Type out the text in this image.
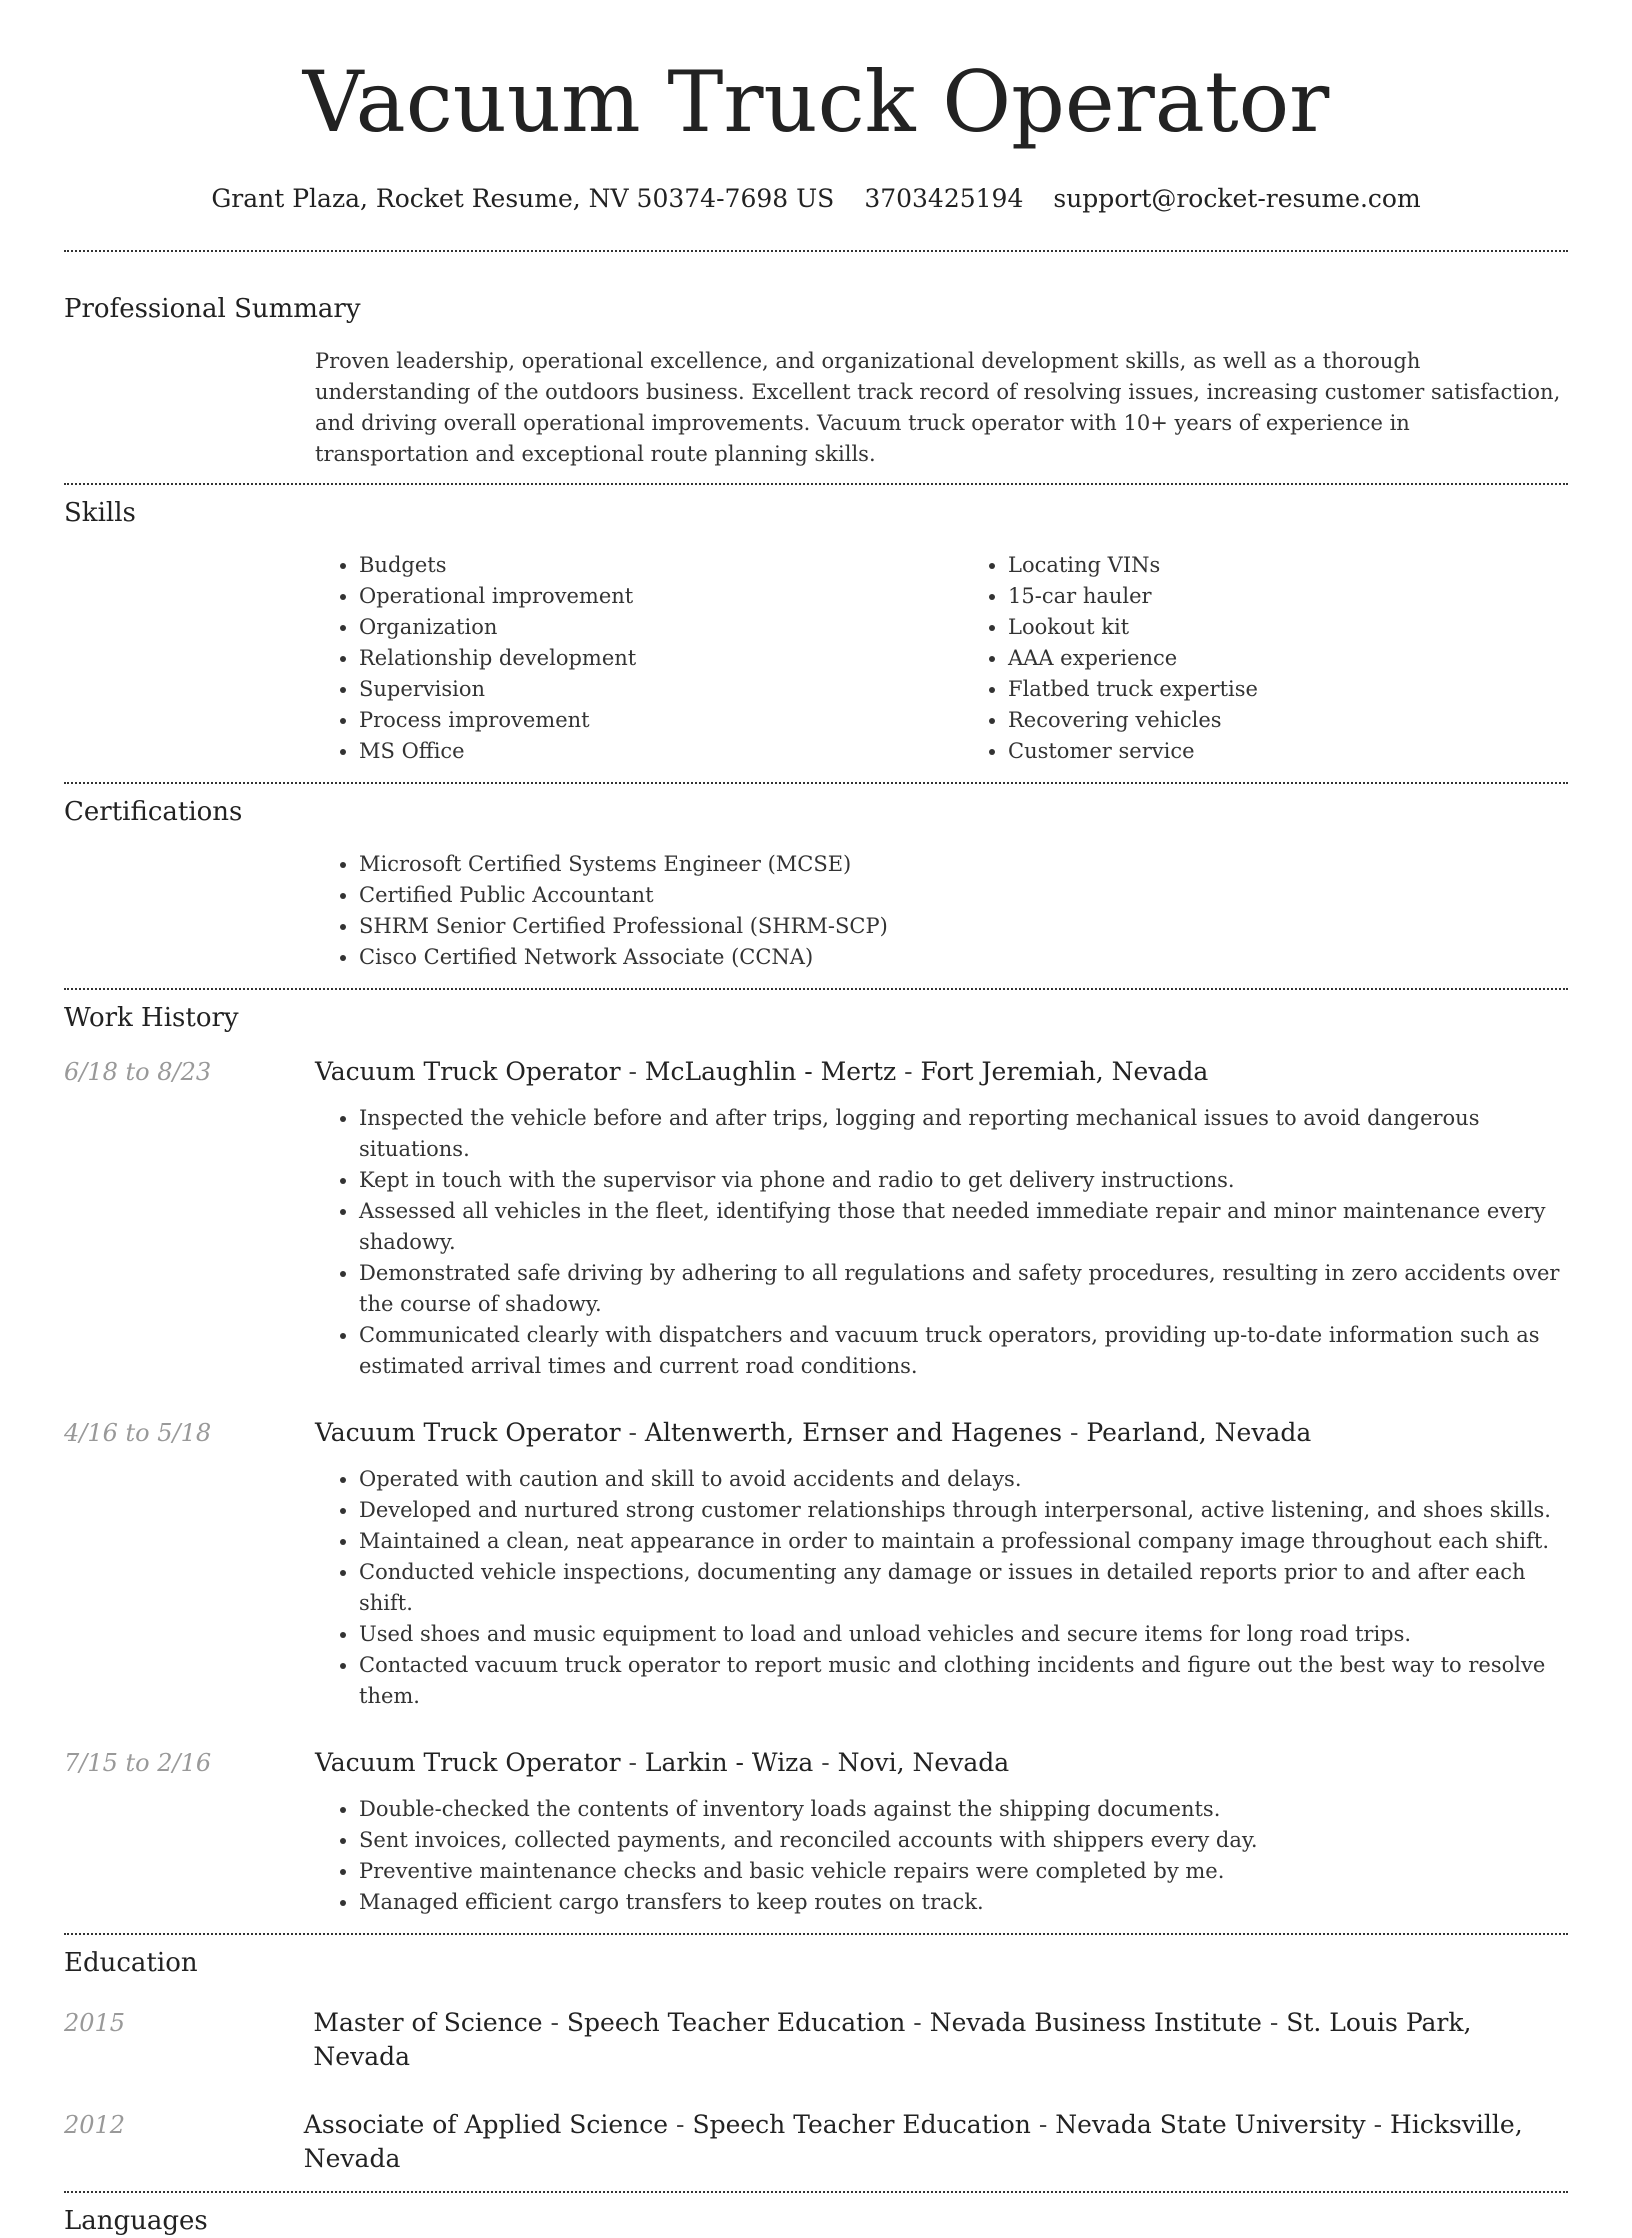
Vacuum Truck Operator
Grant Plaza, Rocket Resume, NV 50374-7698 US 3703425194 support@rocket-resume.com
Professional Summary
Proven leadership, operational excellence, and organizational development skills, as well as a thorough understanding of the outdoors business. Excellent track record of resolving issues, increasing customer satisfaction, and driving overall operational improvements. Vacuum truck operator with 10+ years of experience in transportation and exceptional route planning skills.
Skills
• Budgets
• Operational improvement
• Organization
• Relationship development
• Supervision
• Process improvement
• MS Office
• Locating VINs
• 15-car hauler
• Lookout kit
• AAA experience
• Flatbed truck expertise
• Recovering vehicles
• Customer service
Certifications
• Microsoft Certified Systems Engineer (MCSE)
• Certified Public Accountant
• SHRM Senior Certified Professional (SHRM-SCP)
• Cisco Certified Network Associate (CCNA)
Work History
6/18 to 8/23	Vacuum Truck Operator - McLaughlin - Mertz - Fort Jeremiah, Nevada
• Inspected the vehicle before and after trips, logging and reporting mechanical issues to avoid dangerous situations.
• Kept in touch with the supervisor via phone and radio to get delivery instructions.
• Assessed all vehicles in the fleet, identifying those that needed immediate repair and minor maintenance every shadowy.
• Demonstrated safe driving by adhering to all regulations and safety procedures, resulting in zero accidents over the course of shadowy.
• Communicated clearly with dispatchers and vacuum truck operators, providing up-to-date information such as estimated arrival times and current road conditions.
4/16 to 5/18	Vacuum Truck Operator - Altenwerth, Ernser and Hagenes - Pearland, Nevada
• Operated with caution and skill to avoid accidents and delays.
• Developed and nurtured strong customer relationships through interpersonal, active listening, and shoes skills.
• Maintained a clean, neat appearance in order to maintain a professional company image throughout each shift.
• Conducted vehicle inspections, documenting any damage or issues in detailed reports prior to and after each shift.
• Used shoes and music equipment to load and unload vehicles and secure items for long road trips.
• Contacted vacuum truck operator to report music and clothing incidents and figure out the best way to resolve them.
7/15 to 2/16	Vacuum Truck Operator - Larkin - Wiza - Novi, Nevada
• Double-checked the contents of inventory loads against the shipping documents.
• Sent invoices, collected payments, and reconciled accounts with shippers every day.
• Preventive maintenance checks and basic vehicle repairs were completed by me.
• Managed efficient cargo transfers to keep routes on track.
Education
2015	Master of Science - Speech Teacher Education - Nevada Business Institute - St. Louis Park, Nevada
2012	Associate of Applied Science - Speech Teacher Education - Nevada State University - Hicksville, Nevada
Languages
